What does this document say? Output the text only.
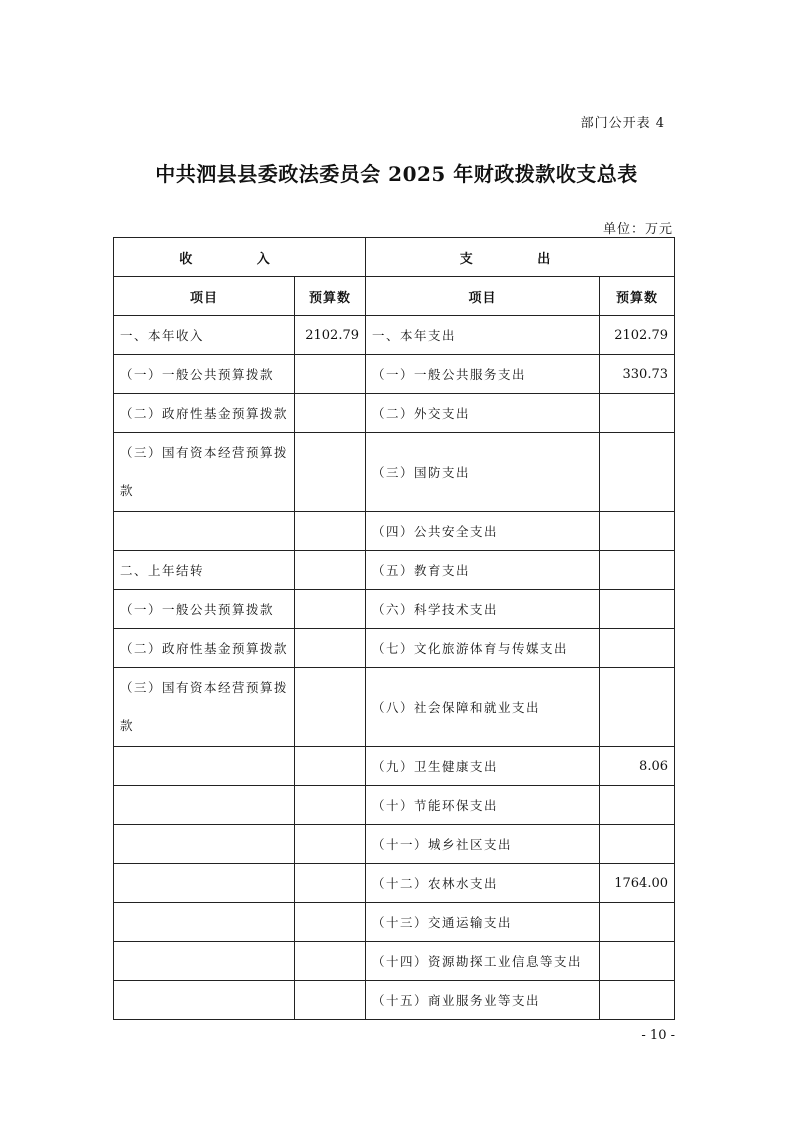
部门公开表 4
中共泗县县委政法委员会 2025 年财政拨款收支总表
单位：万元
收 入		支 出	
项目	预算数	项目	预算数
一、本年收入	2102.79	一、本年支出	2102.79
（一）一般公共预算拨款		（一）一般公共服务支出	330.73
（二）政府性基金预算拨款		（二）外交支出	
（三）国有资本经营预算拨款		（三）国防支出	
		（四）公共安全支出	
二、上年结转		（五）教育支出	
（一）一般公共预算拨款		（六）科学技术支出	
（二）政府性基金预算拨款		（七）文化旅游体育与传媒支出	
（三）国有资本经营预算拨款		（八）社会保障和就业支出	
		（九）卫生健康支出	8.06
		（十）节能环保支出	
		（十一）城乡社区支出	
		（十二）农林水支出	1764.00
		（十三）交通运输支出	
		（十四）资源勘探工业信息等支出	
		（十五）商业服务业等支出	
- 10 -
